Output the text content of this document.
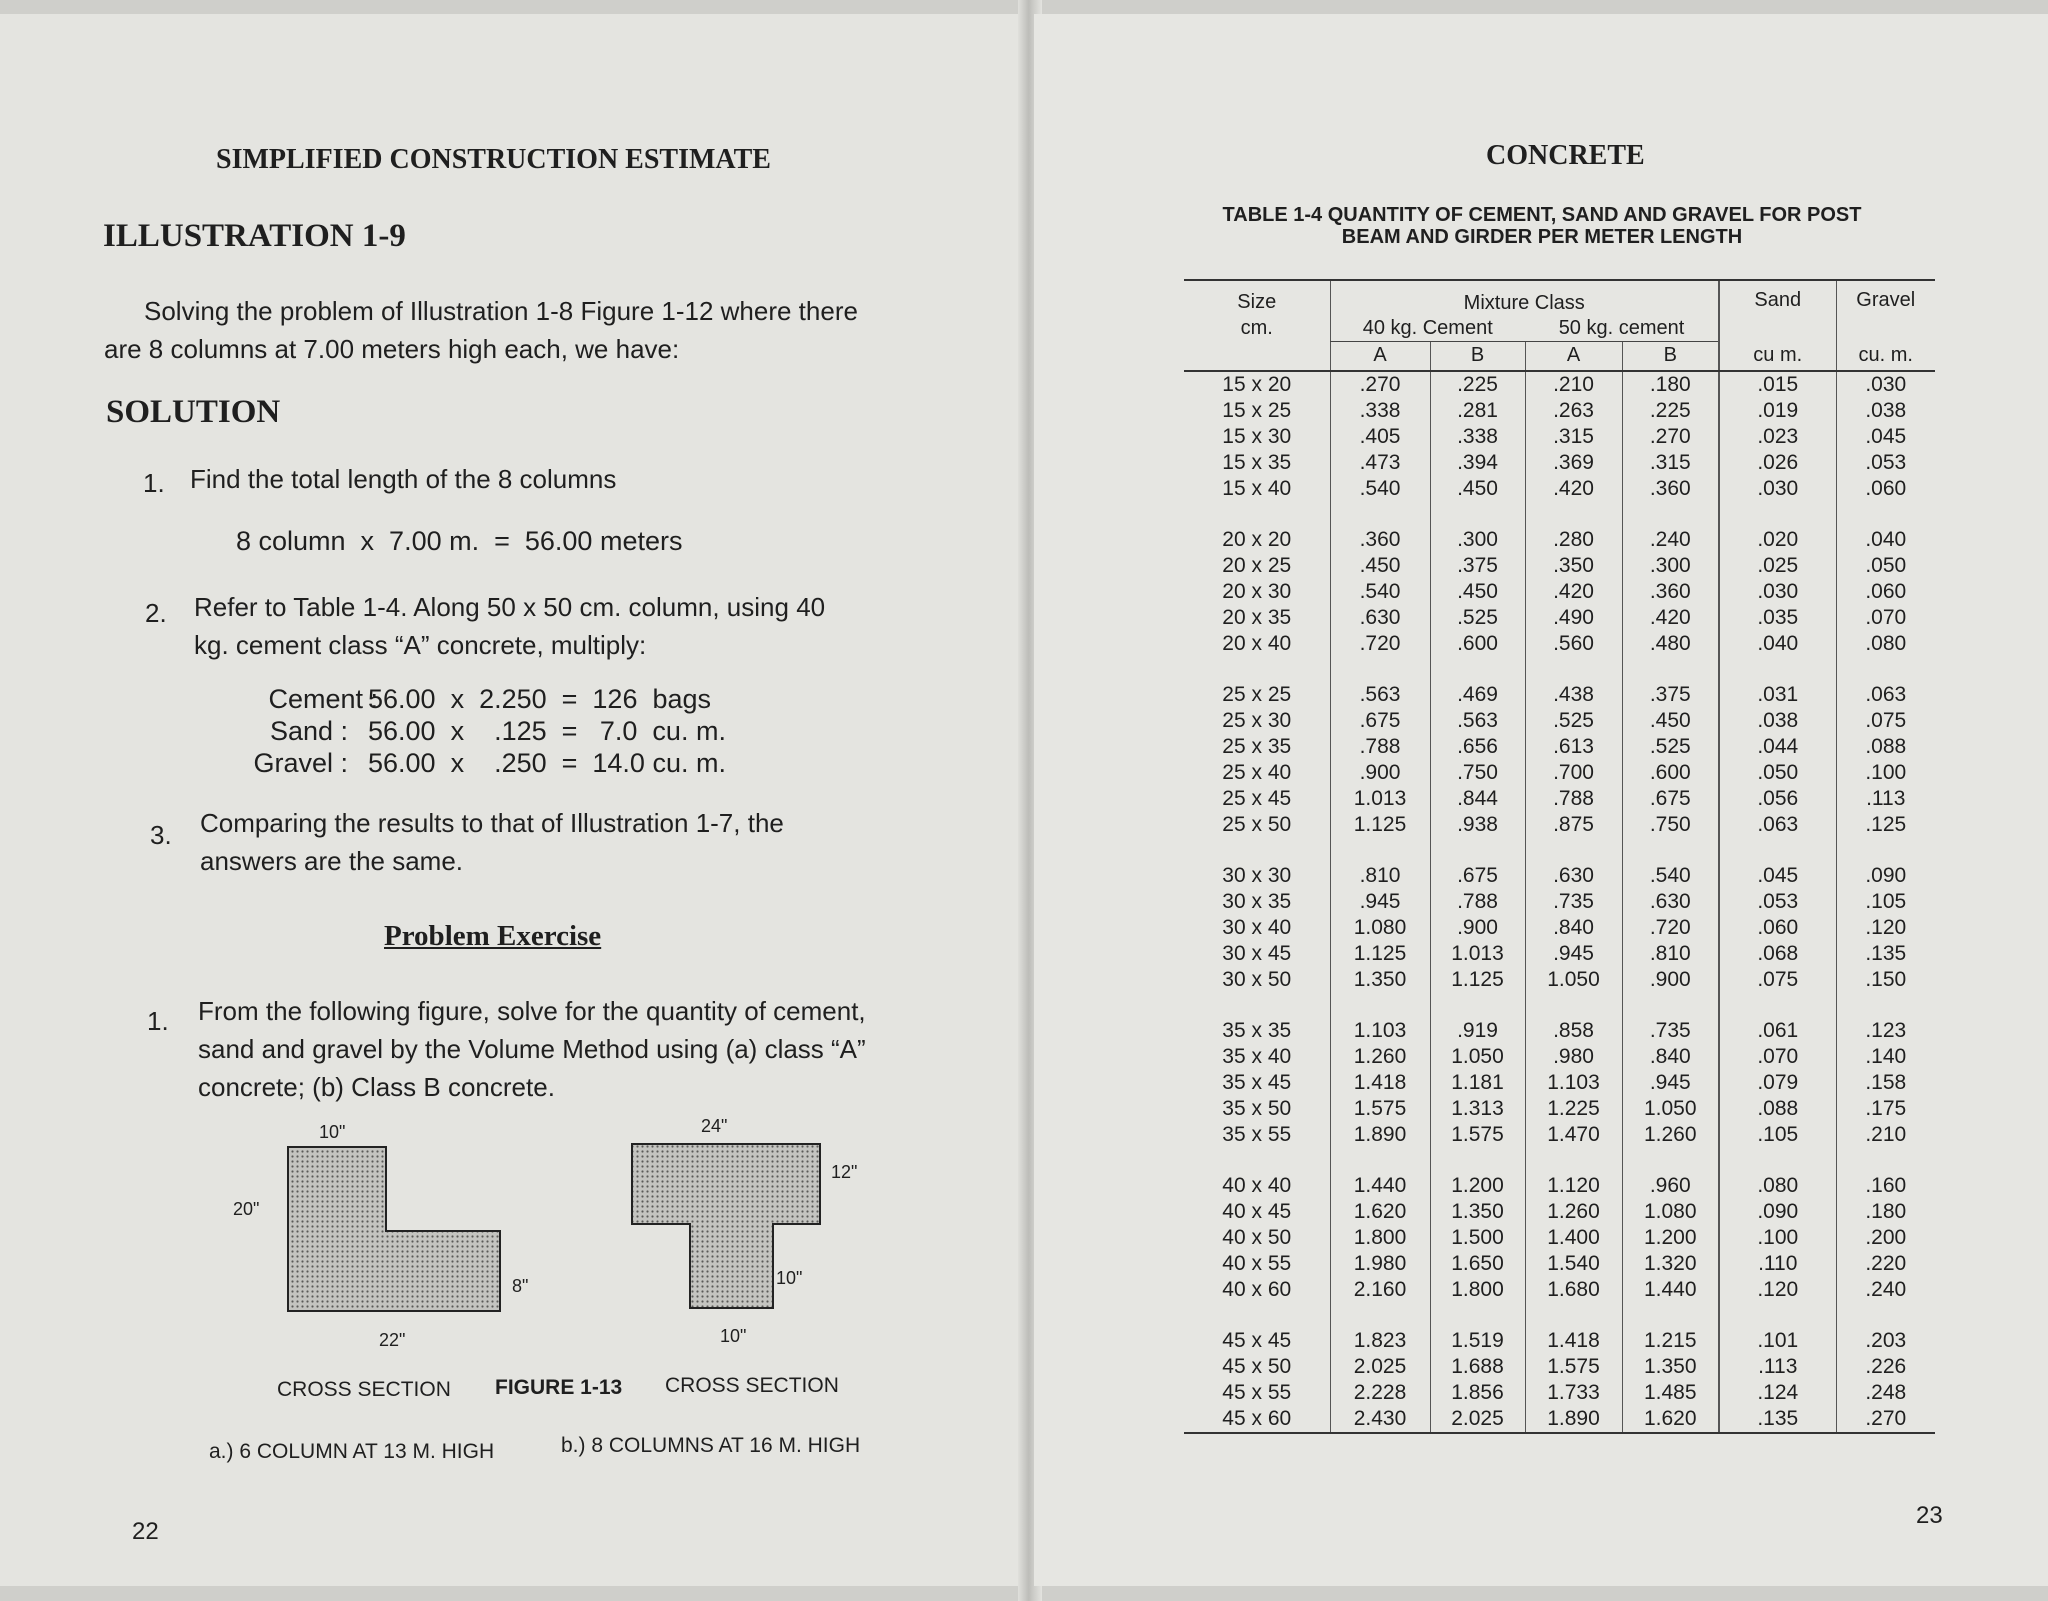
SIMPLIFIED CONSTRUCTION ESTIMATE
ILLUSTRATION 1-9
Solving the problem of Illustration 1-8 Figure 1-12 where there are 8 columns at 7.00 meters high each, we have:
SOLUTION
1. Find the total length of the 8 columns
8 column  x  7.00 m.  =  56.00 meters
2. Refer to Table 1-4. Along 50 x 50 cm. column, using 40 kg. cement class “A” concrete, multiply:
Cement :
56.00  x  2.250  =  126  bags
Sand : 56.00  x    .125  =   7.0  cu. m.
Gravel : 56.00  x    .250  =  14.0 cu. m.
3. Comparing the results to that of Illustration 1-7, the answers are the same.
Problem Exercise
1. From the following figure, solve for the quantity of cement, sand and gravel by the Volume Method using (a) class “A” concrete; (b) Class B concrete.
10"
20"
8"
22"
24"
12"
10"
10"
CROSS SECTION FIGURE 1-13 CROSS SECTION
a.) 6 COLUMN AT 13 M. HIGH	b.) 8 COLUMNS AT 16 M. HIGH
22
CONCRETE
TABLE 1-4 QUANTITY OF CEMENT, SAND AND GRAVEL FOR POST
BEAM AND GIRDER PER METER LENGTH
Size
cm.	Mixture Class				Sand	Gravel
	40 kg. Cement		50 kg. cement			
	A	B	A	B	cu m.	cu. m.
15 x 20	.270	.225	.210	.180	.015	.030
15 x 25	.338	.281	.263	.225	.019	.038
15 x 30	.405	.338	.315	.270	.023	.045
15 x 35	.473	.394	.369	.315	.026	.053
15 x 40	.540	.450	.420	.360	.030	.060

20 x 20	.360	.300	.280	.240	.020	.040
20 x 25	.450	.375	.350	.300	.025	.050
20 x 30	.540	.450	.420	.360	.030	.060
20 x 35	.630	.525	.490	.420	.035	.070
20 x 40	.720	.600	.560	.480	.040	.080

25 x 25	.563	.469	.438	.375	.031	.063
25 x 30	.675	.563	.525	.450	.038	.075
25 x 35	.788	.656	.613	.525	.044	.088
25 x 40	.900	.750	.700	.600	.050	.100
25 x 45	1.013	.844	.788	.675	.056	.113
25 x 50	1.125	.938	.875	.750	.063	.125

30 x 30	.810	.675	.630	.540	.045	.090
30 x 35	.945	.788	.735	.630	.053	.105
30 x 40	1.080	.900	.840	.720	.060	.120
30 x 45	1.125	1.013	.945	.810	.068	.135
30 x 50	1.350	1.125	1.050	.900	.075	.150

35 x 35	1.103	.919	.858	.735	.061	.123
35 x 40	1.260	1.050	.980	.840	.070	.140
35 x 45	1.418	1.181	1.103	.945	.079	.158
35 x 50	1.575	1.313	1.225	1.050	.088	.175
35 x 55	1.890	1.575	1.470	1.260	.105	.210

40 x 40	1.440	1.200	1.120	.960	.080	.160
40 x 45	1.620	1.350	1.260	1.080	.090	.180
40 x 50	1.800	1.500	1.400	1.200	.100	.200
40 x 55	1.980	1.650	1.540	1.320	.110	.220
40 x 60	2.160	1.800	1.680	1.440	.120	.240

45 x 45	1.823	1.519	1.418	1.215	.101	.203
45 x 50	2.025	1.688	1.575	1.350	.113	.226
45 x 55	2.228	1.856	1.733	1.485	.124	.248
45 x 60	2.430	2.025	1.890	1.620	.135	.270
23
